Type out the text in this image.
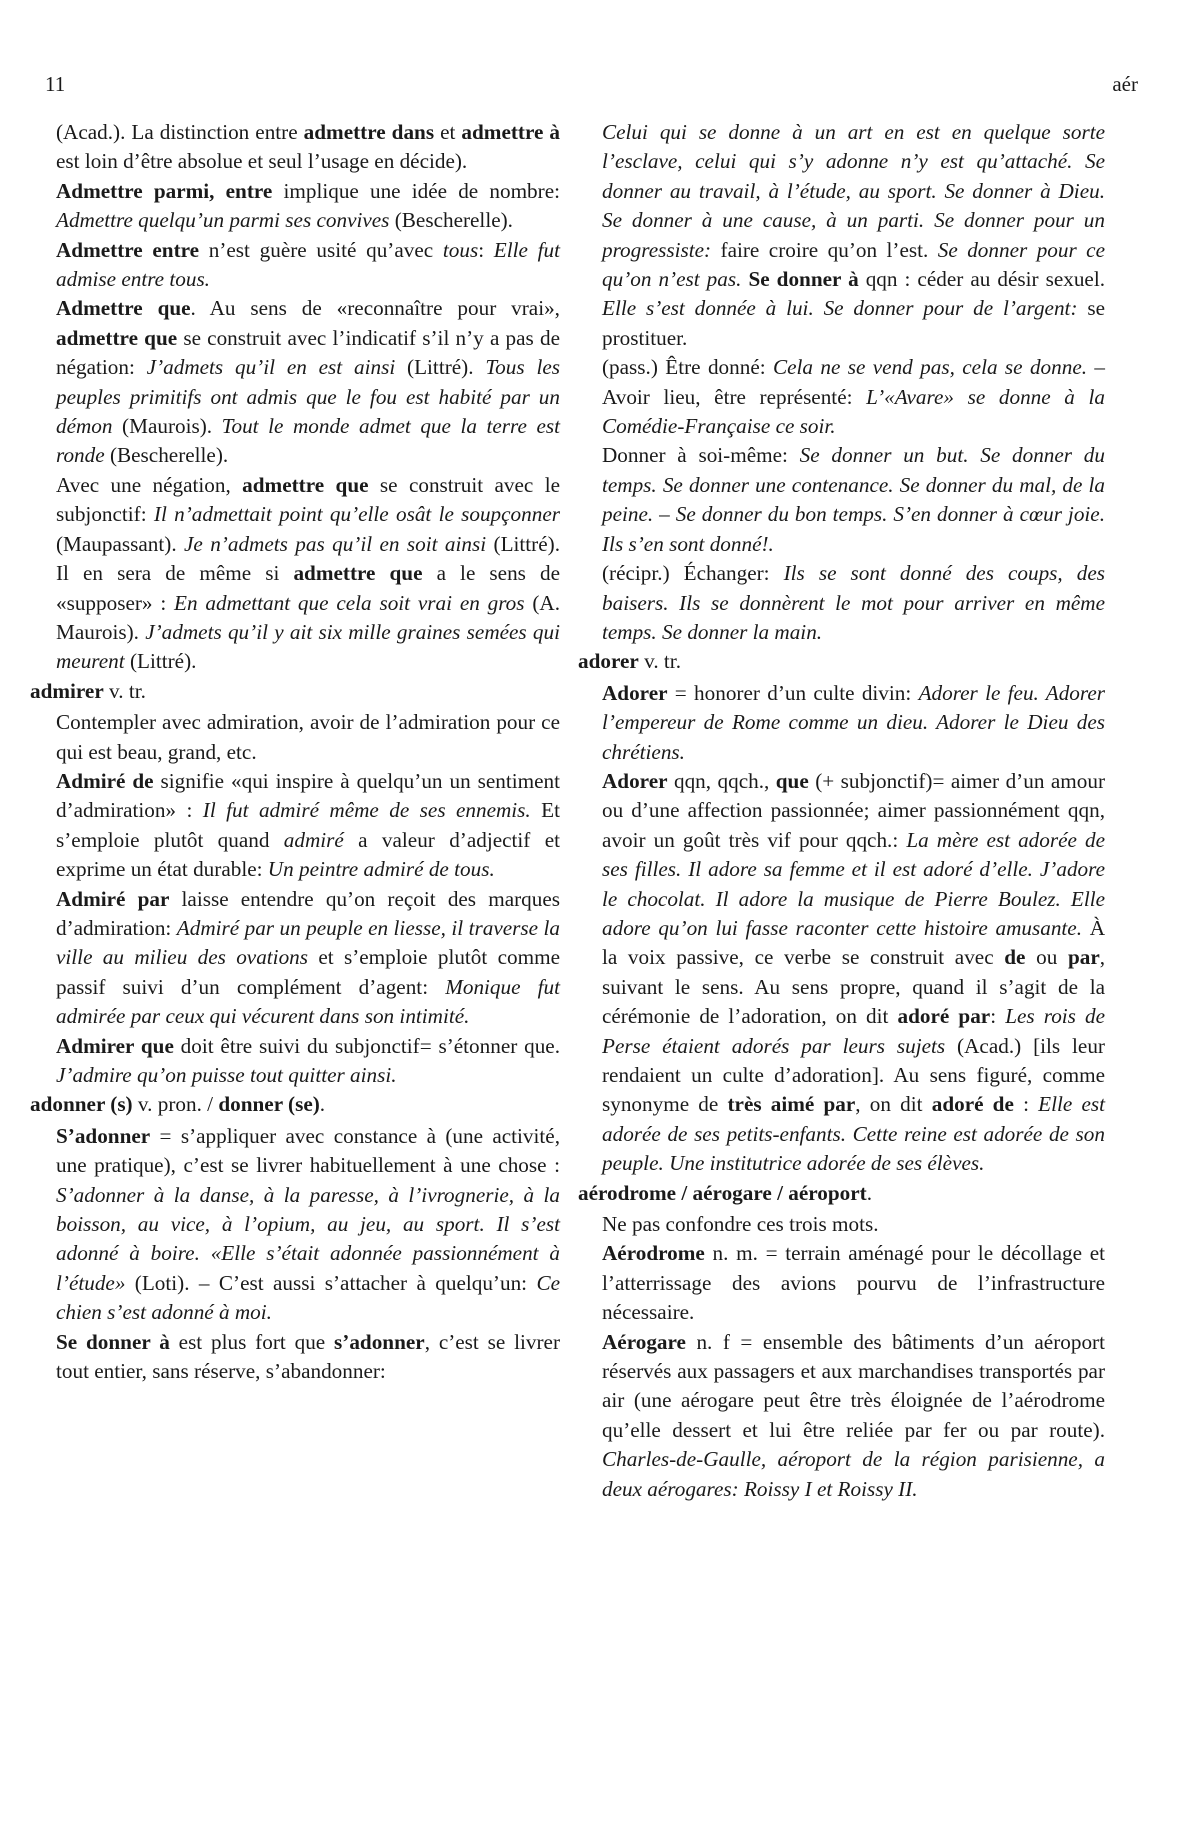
11	aér

(Acad.). La distinction entre admettre dans et admettre à est loin d’être absolue et seul l’usage en décide).

Admettre parmi, entre implique une idée de nombre: Admettre quelqu’un parmi ses convives (Bescherelle).

Admettre entre n’est guère usité qu’avec tous: Elle fut admise entre tous.

Admettre que. Au sens de «reconnaître pour vrai», admettre que se construit avec l’indicatif s’il n’y a pas de négation: J’admets qu’il en est ainsi (Littré). Tous les peuples primitifs ont admis que le fou est habité par un démon (Maurois). Tout le monde admet que la terre est ronde (Bescherelle).

Avec une négation, admettre que se construit avec le subjonctif: Il n’admettait point qu’elle osât le soupçonner (Maupassant). Je n’admets pas qu’il en soit ainsi (Littré). Il en sera de même si admettre que a le sens de «supposer» : En admettant que cela soit vrai en gros (A. Maurois). J’admets qu’il y ait six mille graines semées qui meurent (Littré).

admirer v. tr.

Contempler avec admiration, avoir de l’admiration pour ce qui est beau, grand, etc.

Admiré de signifie «qui inspire à quelqu’un un sentiment d’admiration» : Il fut admiré même de ses ennemis. Et s’emploie plutôt quand admiré a valeur d’adjectif et exprime un état durable: Un peintre admiré de tous.

Admiré par laisse entendre qu’on reçoit des marques d’admiration: Admiré par un peuple en liesse, il traverse la ville au milieu des ovations et s’emploie plutôt comme passif suivi d’un complément d’agent: Monique fut admirée par ceux qui vécurent dans son intimité.

Admirer que doit être suivi du subjonctif= s’étonner que. J’admire qu’on puisse tout quitter ainsi.

adonner (s) v. pron. / donner (se).

S’adonner = s’appliquer avec constance à (une activité, une pratique), c’est se livrer habituellement à une chose : S’adonner à la danse, à la paresse, à l’ivrognerie, à la boisson, au vice, à l’opium, au jeu, au sport. Il s’est adonné à boire. «Elle s’était adonnée passionnément à l’étude» (Loti). – C’est aussi s’attacher à quelqu’un: Ce chien s’est adonné à moi.

Se donner à est plus fort que s’adonner, c’est se livrer tout entier, sans réserve, s’abandonner:

Celui qui se donne à un art en est en quelque sorte l’esclave, celui qui s’y adonne n’y est qu’attaché. Se donner au travail, à l’étude, au sport. Se donner à Dieu. Se donner à une cause, à un parti. Se donner pour un progressiste: faire croire qu’on l’est. Se donner pour ce qu’on n’est pas. Se donner à qqn : céder au désir sexuel. Elle s’est donnée à lui. Se donner pour de l’argent: se prostituer.

(pass.) Être donné: Cela ne se vend pas, cela se donne. – Avoir lieu, être représenté: L’«Avare» se donne à la Comédie-Française ce soir.

Donner à soi-même: Se donner un but. Se donner du temps. Se donner une contenance. Se donner du mal, de la peine. – Se donner du bon temps. S’en donner à cœur joie. Ils s’en sont donné!.

(récipr.) Échanger: Ils se sont donné des coups, des baisers. Ils se donnèrent le mot pour arriver en même temps. Se donner la main.

adorer v. tr.

Adorer = honorer d’un culte divin: Adorer le feu. Adorer l’empereur de Rome comme un dieu. Adorer le Dieu des chrétiens.

Adorer qqn, qqch., que (+ subjonctif)= aimer d’un amour ou d’une affection passionnée; aimer passionnément qqn, avoir un goût très vif pour qqch.: La mère est adorée de ses filles. Il adore sa femme et il est adoré d’elle. J’adore le chocolat. Il adore la musique de Pierre Boulez. Elle adore qu’on lui fasse raconter cette histoire amusante. À la voix passive, ce verbe se construit avec de ou par, suivant le sens. Au sens propre, quand il s’agit de la cérémonie de l’adoration, on dit adoré par: Les rois de Perse étaient adorés par leurs sujets (Acad.) [ils leur rendaient un culte d’adoration]. Au sens figuré, comme synonyme de très aimé par, on dit adoré de : Elle est adorée de ses petits-enfants. Cette reine est adorée de son peuple. Une institutrice adorée de ses élèves.

aérodrome / aérogare / aéroport.

Ne pas confondre ces trois mots.

Aérodrome n. m. = terrain aménagé pour le décollage et l’atterrissage des avions pourvu de l’infrastructure nécessaire.

Aérogare n. f = ensemble des bâtiments d’un aéroport réservés aux passagers et aux marchandises transportés par air (une aérogare peut être très éloignée de l’aérodrome qu’elle dessert et lui être reliée par fer ou par route). Charles-de-Gaulle, aéroport de la région parisienne, a deux aérogares: Roissy I et Roissy II.
